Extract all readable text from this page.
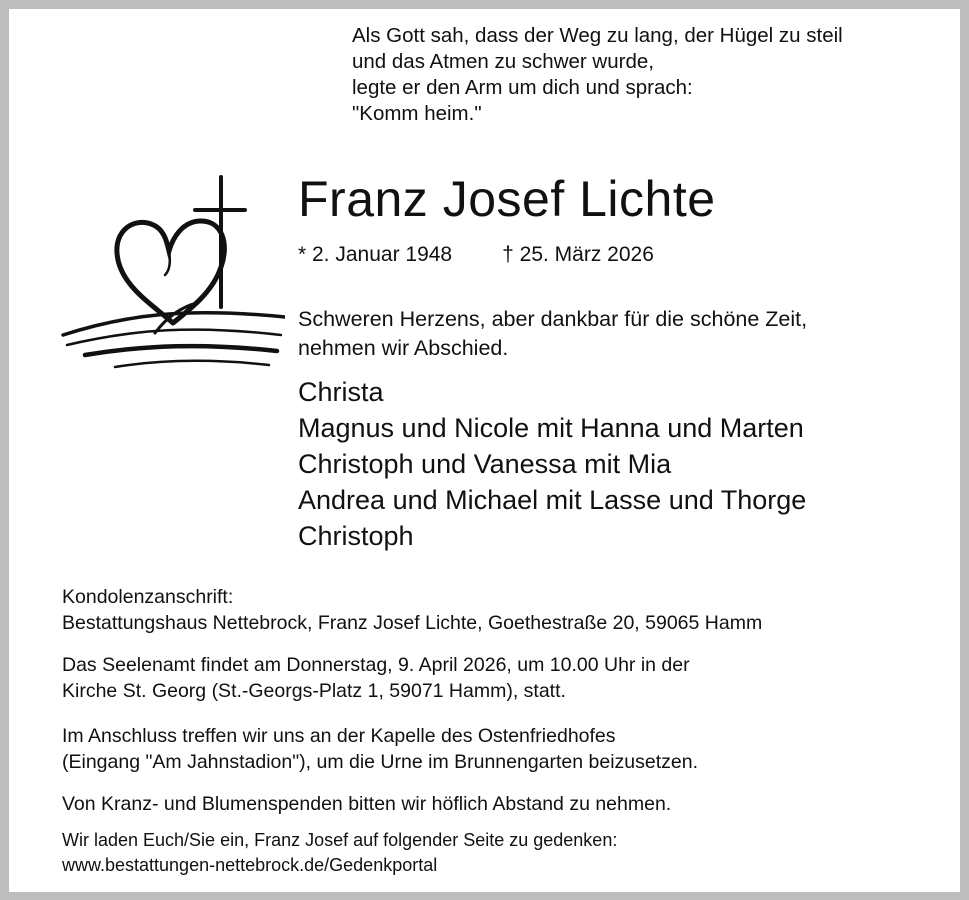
Als Gott sah, dass der Weg zu lang, der Hügel zu steil
und das Atmen zu schwer wurde,
legte er den Arm um dich und sprach:
"Komm heim."
Franz Josef Lichte
* 2. Januar 1948 † 25. März 2026
Schweren Herzens, aber dankbar für die schöne Zeit,
nehmen wir Abschied.
Christa
Magnus und Nicole mit Hanna und Marten
Christoph und Vanessa mit Mia
Andrea und Michael mit Lasse und Thorge
Christoph
Kondolenzanschrift:
Bestattungshaus Nettebrock, Franz Josef Lichte, Goethestraße 20, 59065 Hamm
Das Seelenamt findet am Donnerstag, 9. April 2026, um 10.00 Uhr in der
Kirche St. Georg (St.-Georgs-Platz 1, 59071 Hamm), statt.
Im Anschluss treffen wir uns an der Kapelle des Ostenfriedhofes
(Eingang "Am Jahnstadion"), um die Urne im Brunnengarten beizusetzen.
Von Kranz- und Blumenspenden bitten wir höflich Abstand zu nehmen.
Wir laden Euch/Sie ein, Franz Josef auf folgender Seite zu gedenken:
www.bestattungen-nettebrock.de/Gedenkportal
